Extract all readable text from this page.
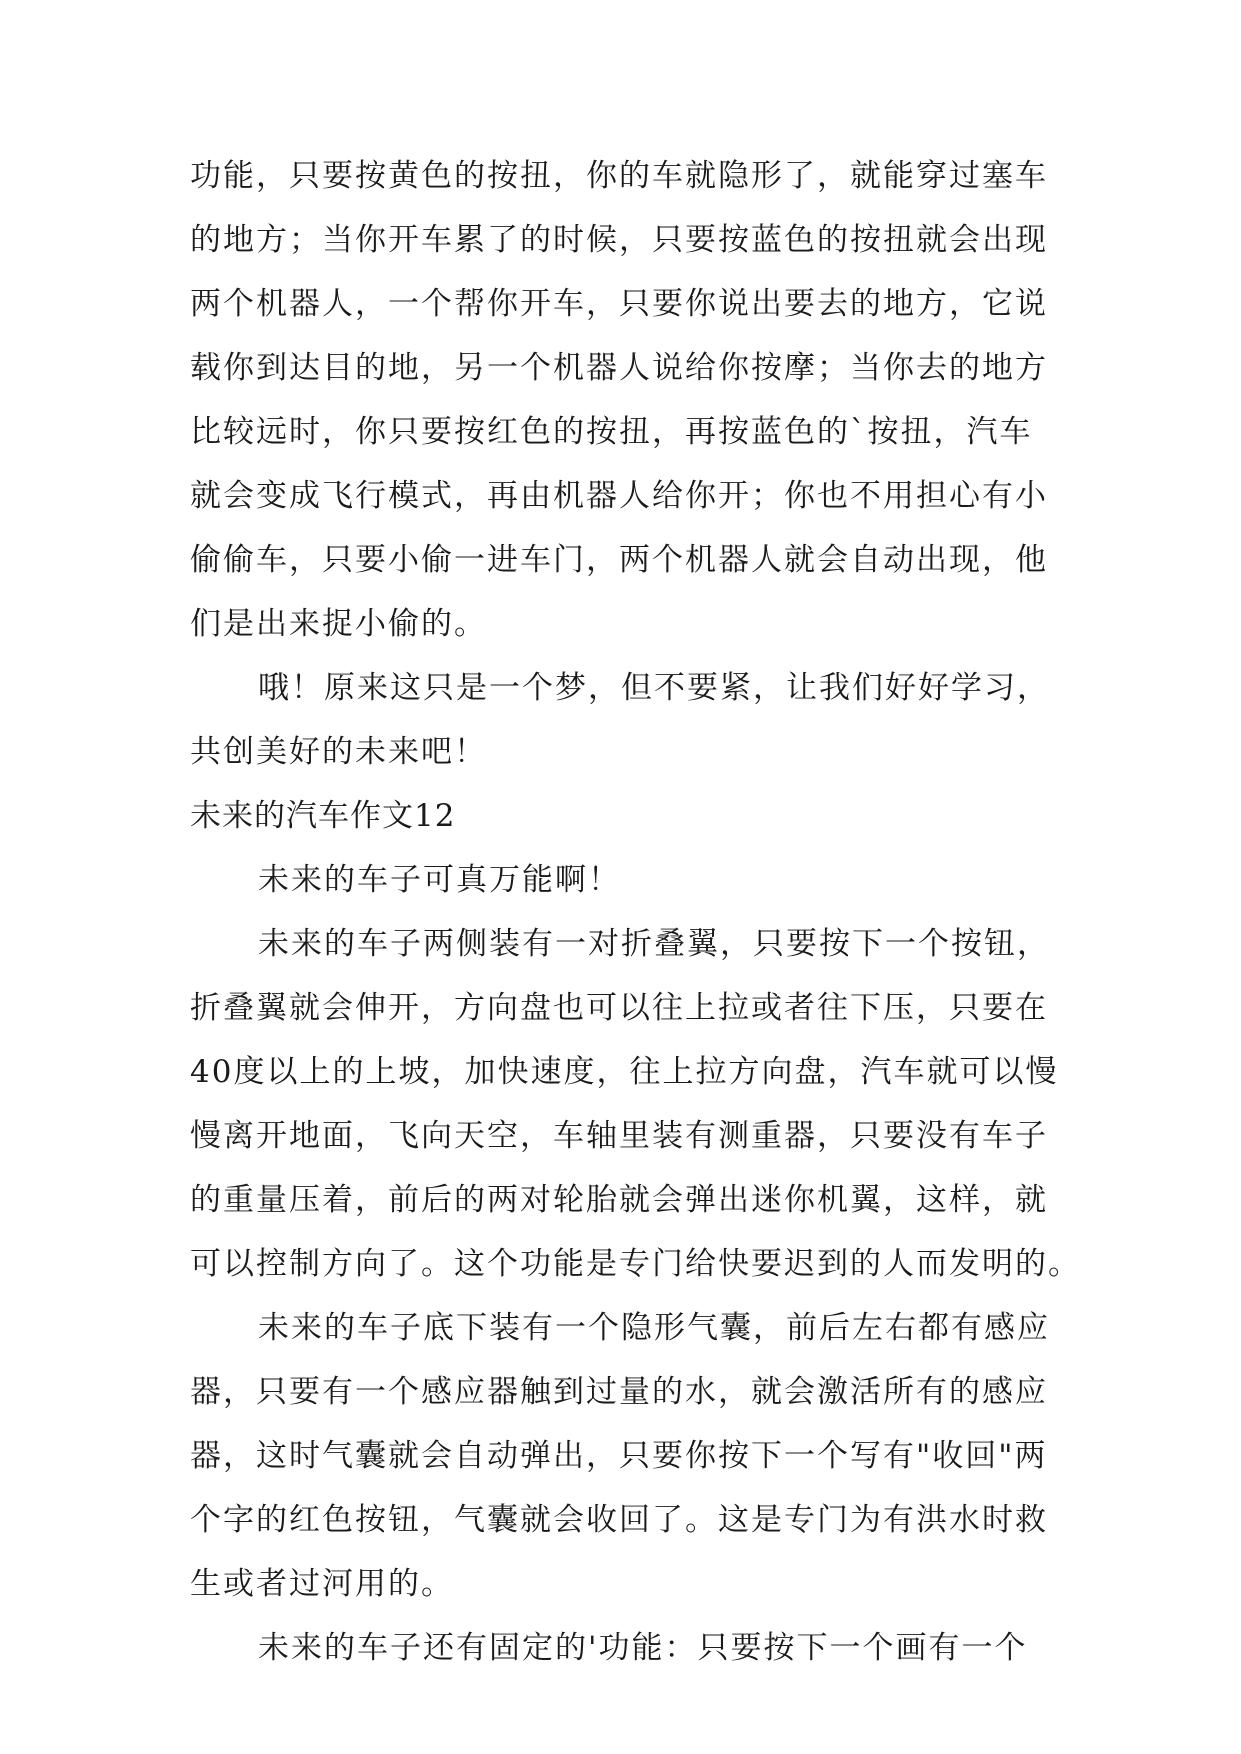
功能，只要按黄色的按扭，你的车就隐形了，就能穿过塞车
的地方；当你开车累了的时候，只要按蓝色的按扭就会出现
两个机器人，一个帮你开车，只要你说出要去的地方，它说
载你到达目的地，另一个机器人说给你按摩；当你去的地方
比较远时，你只要按红色的按扭，再按蓝色的`按扭，汽车
就会变成飞行模式，再由机器人给你开；你也不用担心有小
偷偷车，只要小偷一进车门，两个机器人就会自动出现，他
们是出来捉小偷的。
哦！原来这只是一个梦，但不要紧，让我们好好学习，
共创美好的未来吧！
未来的汽车作文12
未来的车子可真万能啊！
未来的车子两侧装有一对折叠翼，只要按下一个按钮，
折叠翼就会伸开，方向盘也可以往上拉或者往下压，只要在
40度以上的上坡，加快速度，往上拉方向盘，汽车就可以慢
慢离开地面，飞向天空，车轴里装有测重器，只要没有车子
的重量压着，前后的两对轮胎就会弹出迷你机翼，这样，就
可以控制方向了。这个功能是专门给快要迟到的人而发明的。
未来的车子底下装有一个隐形气囊，前后左右都有感应
器，只要有一个感应器触到过量的水，就会激活所有的感应
器，这时气囊就会自动弹出，只要你按下一个写有"收回"两
个字的红色按钮，气囊就会收回了。这是专门为有洪水时救
生或者过河用的。
未来的车子还有固定的'功能：只要按下一个画有一个
